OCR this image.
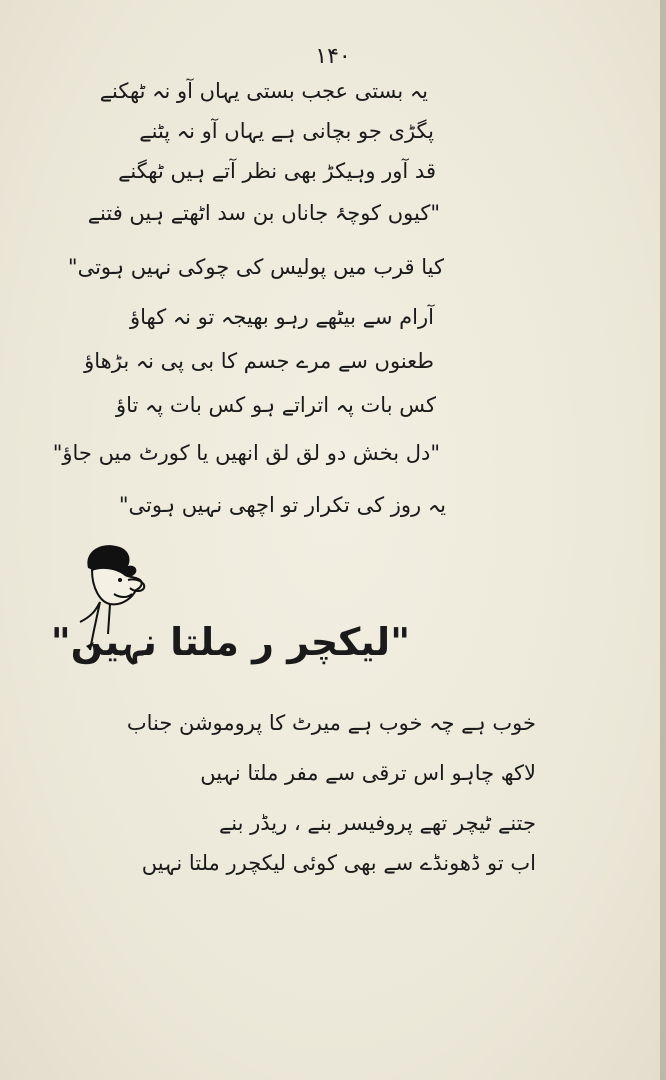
۱۴۰
یہ بستی عجب بستی یہاں آو نہ ٹھکنے
پگڑی جو بچانی ہے یہاں آو نہ پٹنے
قد آور وہیکڑ بھی نظر آتے ہیں ٹھگنے
"کیوں کوچۂ جاناں بن سد اٹھتے ہیں فتنے
کیا قرب میں پولیس کی چوکی نہیں ہوتی"
آرام سے بیٹھے رہو بھیجہ تو نہ کھاؤ
طعنوں سے مرے جسم کا بی پی نہ بڑھاؤ
کس بات پہ اتراتے ہو کس بات پہ تاؤ
"دل بخش دو لق لق انھیں یا کورٹ میں جاؤ"
یہ روز کی تکرار تو اچھی نہیں ہوتی"
"لیکچر ر ملتا نہیں"
خوب ہے چہ خوب ہے میرٹ کا پروموشن جناب
لاکھ چاہو اس ترقی سے مفر ملتا نہیں
جتنے ٹیچر تھے پروفیسر بنے ، ریڈر بنے
اب تو ڈھونڈے سے بھی کوئی لیکچرر ملتا نہیں
